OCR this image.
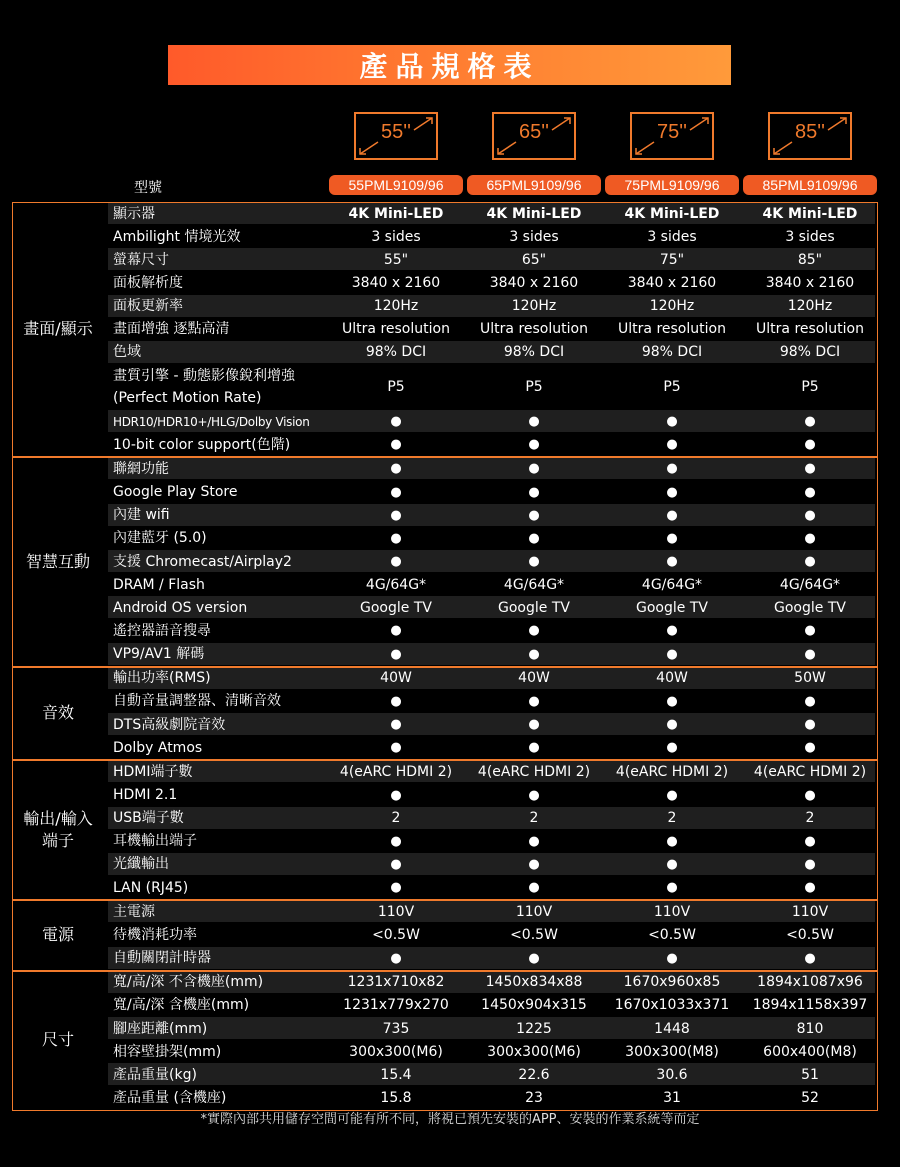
產品規格表
55''	65''	75''	85''
型號	55PML9109/96	65PML9109/96	75PML9109/96	85PML9109/96
顯示器	4K Mini-LED	4K Mini-LED	4K Mini-LED	4K Mini-LED
Ambilight 情境光效	3 sides	3 sides	3 sides	3 sides
螢幕尺寸	55"	65"	75"	85"
面板解析度	3840 x 2160	3840 x 2160	3840 x 2160	3840 x 2160
面板更新率	120Hz	120Hz	120Hz	120Hz
畫面增強 逐點高清	Ultra resolution	Ultra resolution	Ultra resolution	Ultra resolution
色域	98% DCI	98% DCI	98% DCI	98% DCI
畫質引擎 - 動態影像銳利增強
(Perfect Motion Rate)
P5	P5	P5	P5
HDR10/HDR10+/HLG/Dolby Vision	●	●	●	●
10-bit color support(色階)	●	●	●	●
畫面/顯示
聯網功能	●	●	●	●
Google Play Store	●	●	●	●
內建 wifi	●	●	●	●
內建藍牙 (5.0)	●	●	●	●
支援 Chromecast/Airplay2	●	●	●	●
DRAM / Flash	4G/64G*	4G/64G*	4G/64G*	4G/64G*
Android OS version	Google TV	Google TV	Google TV	Google TV
遙控器語音搜尋	●	●	●	●
VP9/AV1 解碼	●	●	●	●
智慧互動
輸出功率(RMS)	40W	40W	40W	50W
自動音量調整器、清晰音效	●	●	●	●
DTS高級劇院音效	●	●	●	●
Dolby Atmos	●	●	●	●
音效
HDMI端子數	4(eARC HDMI 2)	4(eARC HDMI 2)	4(eARC HDMI 2)	4(eARC HDMI 2)
HDMI 2.1	●	●	●	●
USB端子數	2	2	2	2
耳機輸出端子	●	●	●	●
光纖輸出	●	●	●	●
LAN (RJ45)	●	●	●	●
輸出/輸入
端子
主電源	110V	110V	110V	110V
待機消耗功率	<0.5W	<0.5W	<0.5W	<0.5W
自動關閉計時器	●	●	●	●
電源
寬/高/深 不含機座(mm)	1231x710x82	1450x834x88	1670x960x85	1894x1087x96
寬/高/深 含機座(mm)	1231x779x270	1450x904x315	1670x1033x371	1894x1158x397
腳座距離(mm)	735	1225	1448	810
相容壁掛架(mm)	300x300(M6)	300x300(M6)	300x300(M8)	600x400(M8)
產品重量(kg)	15.4	22.6	30.6	51
產品重量 (含機座)	15.8	23	31	52
尺寸
*實際內部共用儲存空間可能有所不同，將視已預先安裝的APP、安裝的作業系統等而定
